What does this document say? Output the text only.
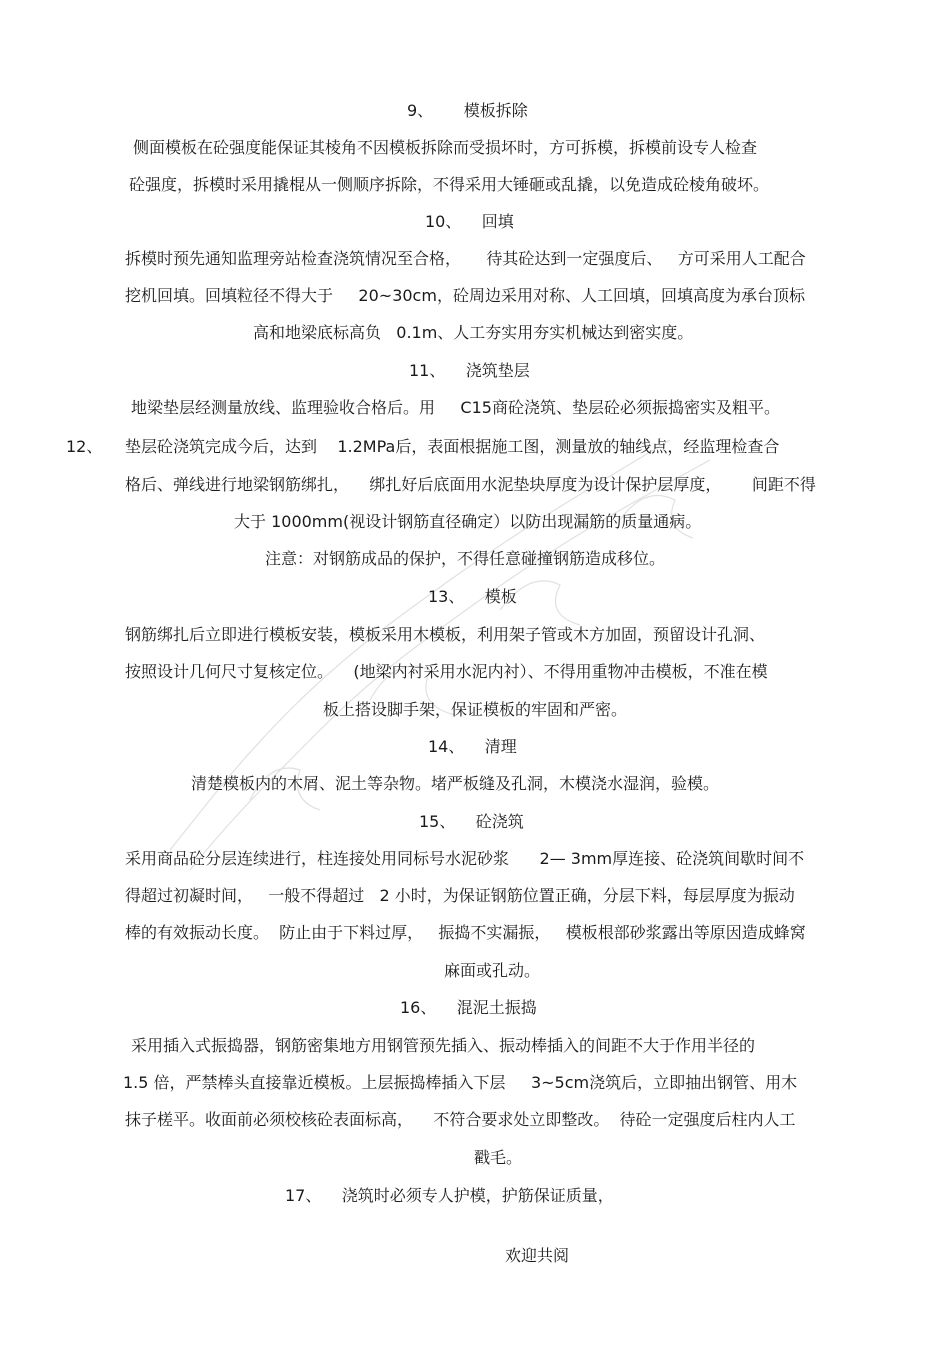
9、      模板拆除
侧面模板在砼强度能保证其棱角不因模板拆除而受损坏时，方可拆模，拆模前设专人检查
砼强度，拆模时采用撬棍从一侧顺序拆除，不得采用大锤砸或乱撬，以免造成砼棱角破坏。
10、    回填
拆模时预先通知监理旁站检查浇筑情况至合格，     待其砼达到一定强度后、   方可采用人工配合
挖机回填。回填粒径不得大于     20~30cm，砼周边采用对称、人工回填，回填高度为承台顶标
高和地梁底标高负   0.1m、人工夯实用夯实机械达到密实度。
11、    浇筑垫层
地梁垫层经测量放线、监理验收合格后。用     C15商砼浇筑、垫层砼必须振捣密实及粗平。
12、 垫层砼浇筑完成今后，达到    1.2MPa后，表面根据施工图，测量放的轴线点，经监理检查合
格后、弹线进行地梁钢筋绑扎，    绑扎好后底面用水泥垫块厚度为设计保护层厚度，      间距不得
大于 1000mm(视设计钢筋直径确定）以防出现漏筋的质量通病。
注意：对钢筋成品的保护，不得任意碰撞钢筋造成移位。
13、    模板
钢筋绑扎后立即进行模板安装，模板采用木模板，利用架子管或木方加固，预留设计孔洞、
按照设计几何尺寸复核定位。    (地梁内衬采用水泥内衬）、不得用重物冲击模板，不准在模
板上搭设脚手架，保证模板的牢固和严密。
14、    清理
清楚模板内的木屑、泥土等杂物。堵严板缝及孔洞，木模浇水湿润，验模。
15、    砼浇筑
采用商品砼分层连续进行，柱连接处用同标号水泥砂浆      2— 3mm厚连接、砼浇筑间歇时间不
得超过初凝时间，   一般不得超过   2 小时，为保证钢筋位置正确，分层下料，每层厚度为振动
棒的有效振动长度。  防止由于下料过厚，   振捣不实漏振，   模板根部砂浆露出等原因造成蜂窝
麻面或孔动。
16、    混泥土振捣
采用插入式振捣器，钢筋密集地方用钢管预先插入、振动棒插入的间距不大于作用半径的
1.5 倍，严禁棒头直接靠近模板。上层振捣棒插入下层     3~5cm浇筑后，立即抽出钢管、用木
抹子槎平。收面前必须校核砼表面标高，    不符合要求处立即整改。  待砼一定强度后柱内人工
戳毛。
17、    浇筑时必须专人护模，护筋保证质量，
欢迎共阅
